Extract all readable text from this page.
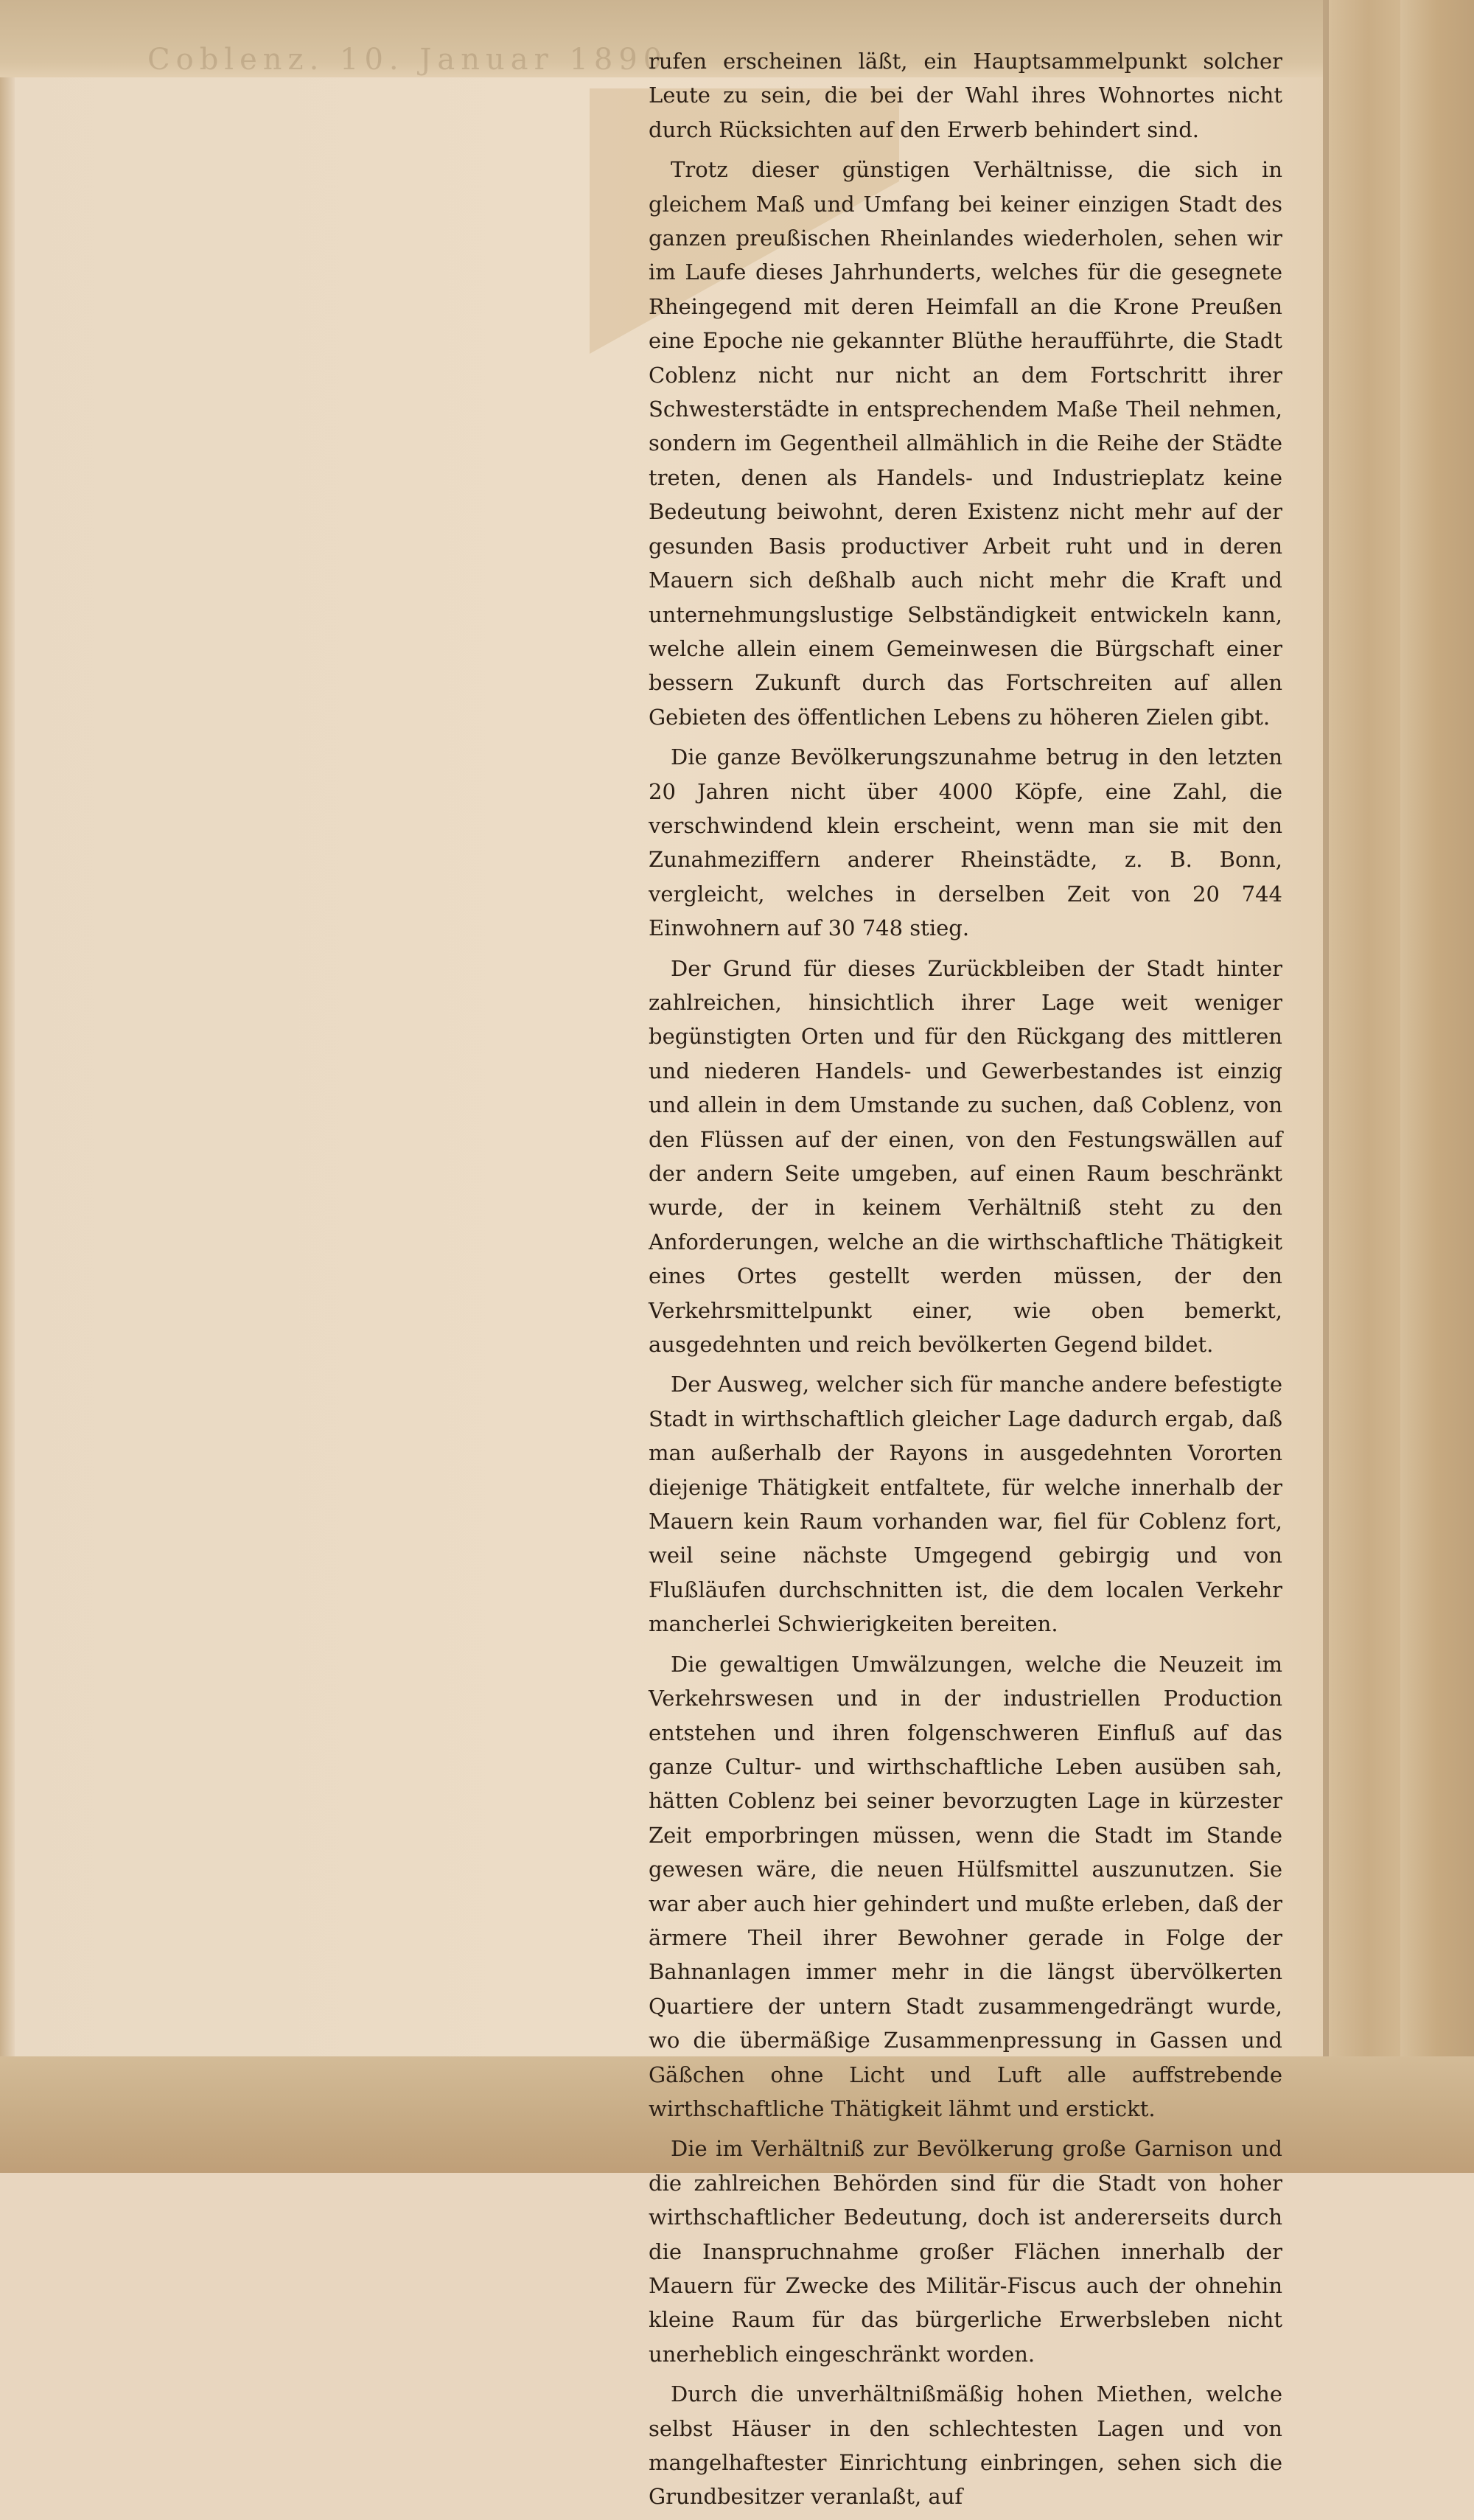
Coblenz. 10. Januar 1890

rufen erscheinen läßt, ein Hauptsammelpunkt solcher Leute zu sein, die bei der Wahl ihres Wohnortes nicht durch Rücksichten auf den Erwerb behindert sind.

Trotz dieser günstigen Verhältnisse, die sich in gleichem Maß und Umfang bei keiner einzigen Stadt des ganzen preußischen Rheinlandes wiederholen, sehen wir im Laufe dieses Jahrhunderts, welches für die gesegnete Rheingegend mit deren Heimfall an die Krone Preußen eine Epoche nie gekannter Blüthe heraufführte, die Stadt Coblenz nicht nur nicht an dem Fortschritt ihrer Schwesterstädte in entsprechendem Maße Theil nehmen, sondern im Gegentheil allmählich in die Reihe der Städte treten, denen als Handels- und Industrieplatz keine Bedeutung beiwohnt, deren Existenz nicht mehr auf der gesunden Basis productiver Arbeit ruht und in deren Mauern sich deßhalb auch nicht mehr die Kraft und unternehmungslustige Selbständigkeit entwickeln kann, welche allein einem Gemeinwesen die Bürgschaft einer bessern Zukunft durch das Fortschreiten auf allen Gebieten des öffentlichen Lebens zu höheren Zielen gibt.

Die ganze Bevölkerungszunahme betrug in den letzten 20 Jahren nicht über 4000 Köpfe, eine Zahl, die verschwindend klein erscheint, wenn man sie mit den Zunahmeziffern anderer Rheinstädte, z. B. Bonn, vergleicht, welches in derselben Zeit von 20 744 Einwohnern auf 30 748 stieg.

Der Grund für dieses Zurückbleiben der Stadt hinter zahlreichen, hinsichtlich ihrer Lage weit weniger begünstigten Orten und für den Rückgang des mittleren und niederen Handels- und Gewerbestandes ist einzig und allein in dem Umstande zu suchen, daß Coblenz, von den Flüssen auf der einen, von den Festungswällen auf der andern Seite umgeben, auf einen Raum beschränkt wurde, der in keinem Verhältniß steht zu den Anforderungen, welche an die wirthschaftliche Thätigkeit eines Ortes gestellt werden müssen, der den Verkehrsmittelpunkt einer, wie oben bemerkt, ausgedehnten und reich bevölkerten Gegend bildet.

Der Ausweg, welcher sich für manche andere befestigte Stadt in wirthschaftlich gleicher Lage dadurch ergab, daß man außerhalb der Rayons in ausgedehnten Vororten diejenige Thätigkeit entfaltete, für welche innerhalb der Mauern kein Raum vorhanden war, fiel für Coblenz fort, weil seine nächste Umgegend gebirgig und von Flußläufen durchschnitten ist, die dem localen Verkehr mancherlei Schwierigkeiten bereiten.

Die gewaltigen Umwälzungen, welche die Neuzeit im Verkehrswesen und in der industriellen Production entstehen und ihren folgenschweren Einfluß auf das ganze Cultur- und wirthschaftliche Leben ausüben sah, hätten Coblenz bei seiner bevorzugten Lage in kürzester Zeit emporbringen müssen, wenn die Stadt im Stande gewesen wäre, die neuen Hülfsmittel auszunutzen. Sie war aber auch hier gehindert und mußte erleben, daß der ärmere Theil ihrer Bewohner gerade in Folge der Bahnanlagen immer mehr in die längst übervölkerten Quartiere der untern Stadt zusammengedrängt wurde, wo die übermäßige Zusammenpressung in Gassen und Gäßchen ohne Licht und Luft alle auffstrebende wirthschaftliche Thätigkeit lähmt und erstickt.

Die im Verhältniß zur Bevölkerung große Garnison und die zahlreichen Behörden sind für die Stadt von hoher wirthschaftlicher Bedeutung, doch ist andererseits durch die Inanspruchnahme großer Flächen innerhalb der Mauern für Zwecke des Militär-Fiscus auch der ohnehin kleine Raum für das bürgerliche Erwerbsleben nicht unerheblich eingeschränkt worden.

Durch die unverhältnißmäßig hohen Miethen, welche selbst Häuser in den schlechtesten Lagen und von mangelhaftester Einrichtung einbringen, sehen sich die Grundbesitzer veranlaßt, auf
